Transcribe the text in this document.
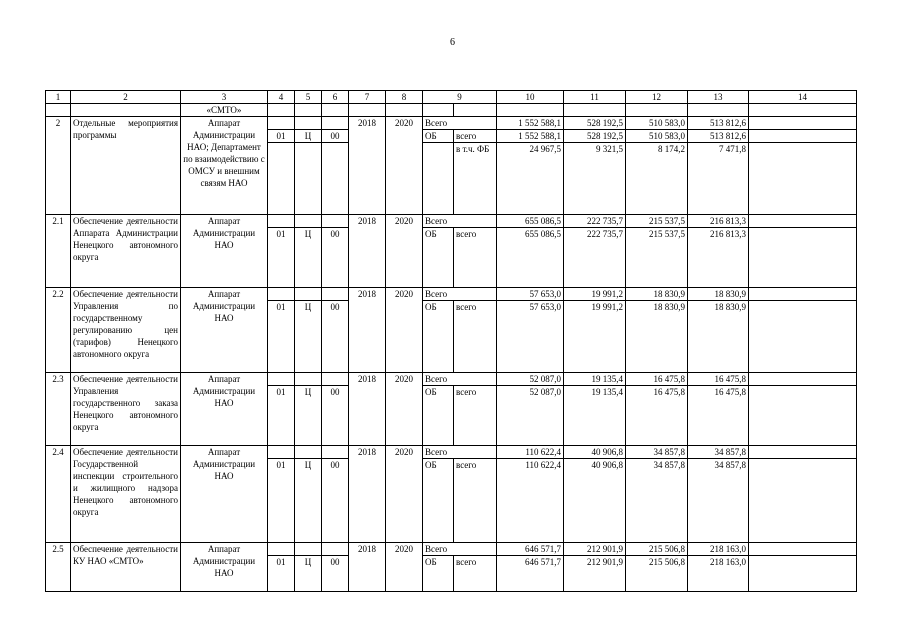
6
1	2	3	4	5	6	7	8	9		10	11	12	13	14
		«СМТО»												
2	Отдельные мероприятия программы	Аппарат Администрации НАО; Департамент по взаимодействию с ОМСУ и внешним связям НАО				2018	2020	Всего		1 552 588,1	528 192,5	510 583,0	513 812,6	
			01	Ц	00			ОБ	всего	1 552 588,1	528 192,5	510 583,0	513 812,6	
									в т.ч. ФБ	24 967,5	9 321,5	8 174,2	7 471,8	
2.1	Обеспечение деятельности Аппарата Администрации Ненецкого автономного округа	Аппарат Администрации НАО				2018	2020	Всего		655 086,5	222 735,7	215 537,5	216 813,3	
			01	Ц	00			ОБ	всего	655 086,5	222 735,7	215 537,5	216 813,3	
2.2	Обеспечение деятельности Управления по государственному регулированию цен (тарифов) Ненецкого автономного округа	Аппарат Администрации НАО				2018	2020	Всего		57 653,0	19 991,2	18 830,9	18 830,9	
			01	Ц	00			ОБ	всего	57 653,0	19 991,2	18 830,9	18 830,9	
2.3	Обеспечение деятельности Управления государственного заказа Ненецкого автономного округа	Аппарат Администрации НАО				2018	2020	Всего		52 087,0	19 135,4	16 475,8	16 475,8	
			01	Ц	00			ОБ	всего	52 087,0	19 135,4	16 475,8	16 475,8	
2.4	Обеспечение деятельности Государственной инспекции строительного и жилищного надзора Ненецкого автономного округа	Аппарат Администрации НАО				2018	2020	Всего		110 622,4	40 906,8	34 857,8	34 857,8	
			01	Ц	00			ОБ	всего	110 622,4	40 906,8	34 857,8	34 857,8	
2.5	Обеспечение деятельности КУ НАО «СМТО»	Аппарат Администрации НАО				2018	2020	Всего		646 571,7	212 901,9	215 506,8	218 163,0	
			01	Ц	00			ОБ	всего	646 571,7	212 901,9	215 506,8	218 163,0	
